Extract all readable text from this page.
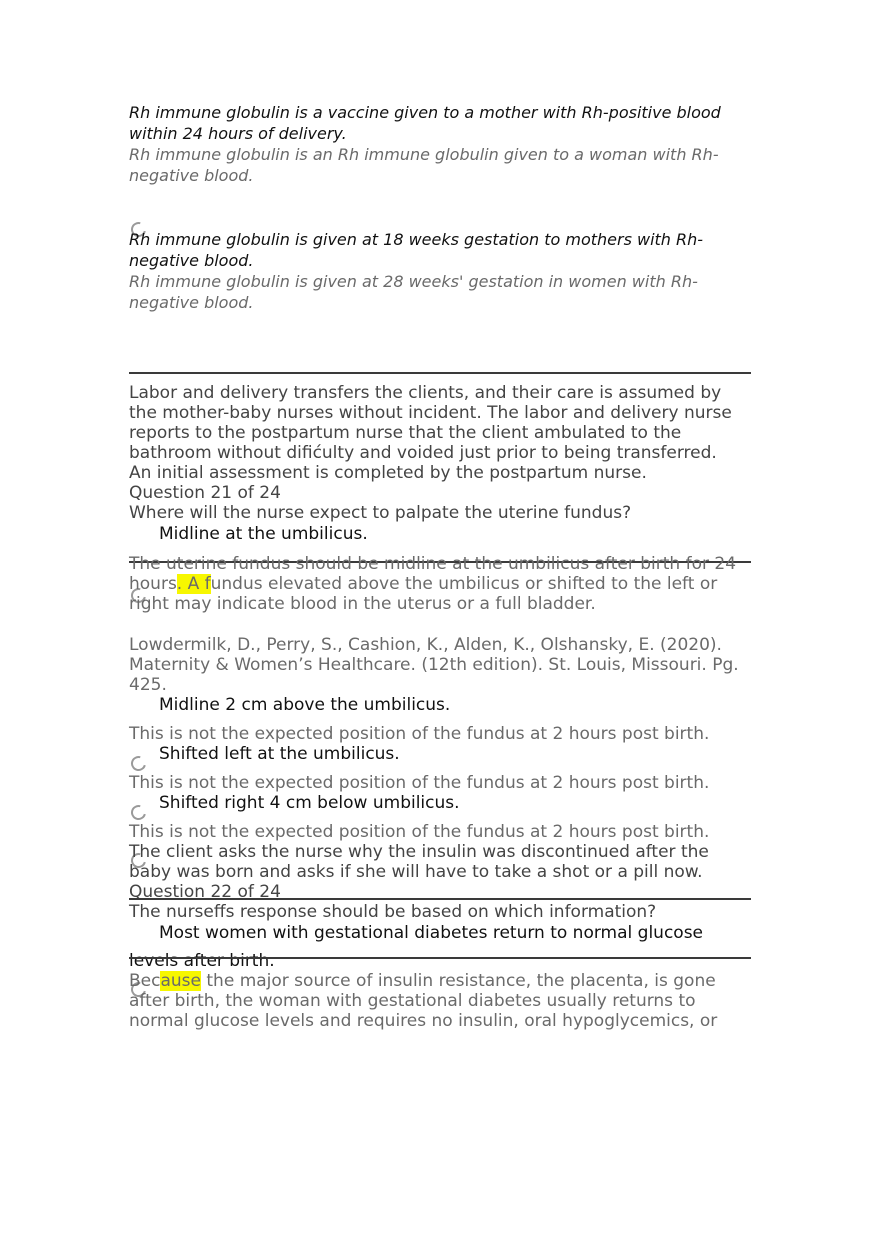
Rh immune globulin is a vaccine given to a mother with Rh-positive blood
within 24 hours of delivery.
Rh immune globulin is an Rh immune globulin given to a woman with Rh-
negative blood.
Rh immune globulin is given at 18 weeks gestation to mothers with Rh-
negative blood.
Rh immune globulin is given at 28 weeks' gestation in women with Rh-
negative blood.
Labor and delivery transfers the clients, and their care is assumed by
the mother-baby nurses without incident. The labor and delivery nurse
reports to the postpartum nurse that the client ambulated to the
bathroom without difićulty and voided just prior to being transferred.
An initial assessment is completed by the postpartum nurse.
Question 21 of 24
Where will the nurse expect to palpate the uterine fundus?
Midline at the umbilicus.
The uterine fundus should be midline at the umbilicus after birth for 24
hours. A fundus elevated above the umbilicus or shifted to the left or
right may indicate blood in the uterus or a full bladder.
Lowdermilk, D., Perry, S., Cashion, K., Alden, K., Olshansky, E. (2020).
Maternity & Women’s Healthcare. (12th edition). St. Louis, Missouri. Pg.
425.
Midline 2 cm above the umbilicus.
This is not the expected position of the fundus at 2 hours post birth.
Shifted left at the umbilicus.
This is not the expected position of the fundus at 2 hours post birth.
Shifted right 4 cm below umbilicus.
This is not the expected position of the fundus at 2 hours post birth.
The client asks the nurse why the insulin was discontinued after the
baby was born and asks if she will have to take a shot or a pill now.
Question 22 of 24
The nurseffs response should be based on which information?
Most women with gestational diabetes return to normal glucose
levels after birth.
Because the major source of insulin resistance, the placenta, is gone
after birth, the woman with gestational diabetes usually returns to
normal glucose levels and requires no insulin, oral hypoglycemics, or
